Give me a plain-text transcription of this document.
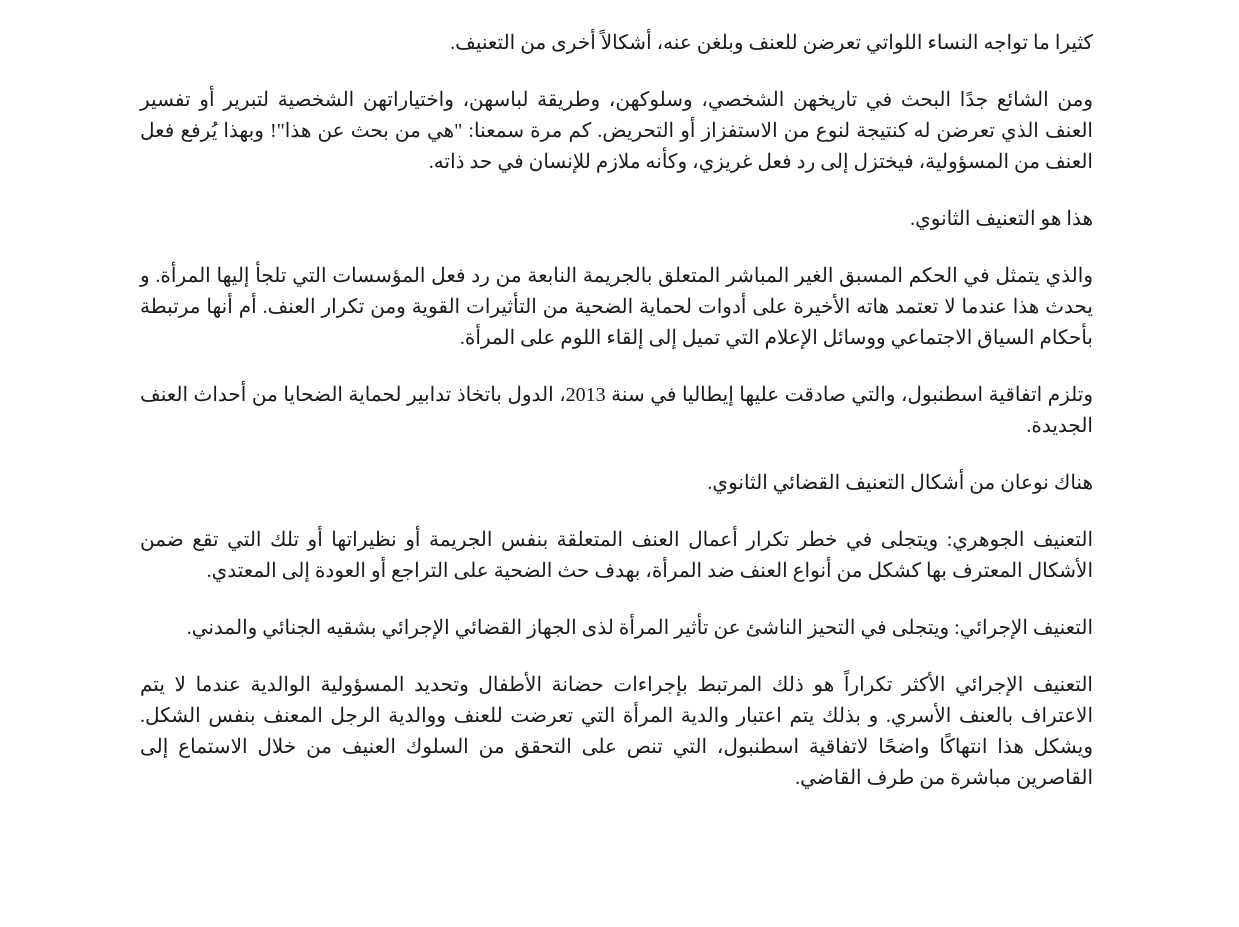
كثيرا ما تواجه النساء اللواتي تعرضن للعنف وبلغن عنه، أشكالاً أخرى من التعنيف.

ومن الشائع جدًا البحث في تاريخهن الشخصي، وسلوكهن، وطريقة لباسهن، واختياراتهن الشخصية لتبرير أو تفسير العنف الذي تعرضن له كنتيجة لنوع من الاستفزاز أو التحريض. كم مرة سمعنا: "هي من بحث عن هذا"! وبهذا يُرفع فعل العنف من المسؤولية، فيختزل إلى رد فعل غريزي، وكأنه ملازم للإنسان في حد ذاته.

هذا هو التعنيف الثانوي.

والذي يتمثل في الحكم المسبق الغير المباشر المتعلق بالجريمة النابعة من رد فعل المؤسسات التي تلجأ إليها المرأة. و يحدث هذا عندما لا تعتمد هاته الأخيرة على أدوات لحماية الضحية من التأثيرات القوية ومن تكرار العنف. أم أنها مرتبطة بأحكام السياق الاجتماعي ووسائل الإعلام التي تميل إلى إلقاء اللوم على المرأة.

وتلزم اتفاقية اسطنبول، والتي صادقت عليها إيطاليا في سنة 2013، الدول باتخاذ تدابير لحماية الضحايا من أحداث العنف الجديدة.

هناك نوعان من أشكال التعنيف القضائي الثانوي.

التعنيف الجوهري: ويتجلى في خطر تكرار أعمال العنف المتعلقة بنفس الجريمة أو نظيراتها أو تلك التي تقع ضمن الأشكال المعترف بها كشكل من أنواع العنف ضد المرأة، بهدف حث الضحية على التراجع أو العودة إلى المعتدي.

التعنيف الإجرائي: ويتجلى في التحيز الناشئ عن تأثير المرأة لذى الجهاز القضائي الإجرائي بشقيه الجنائي والمدني.

التعنيف الإجرائي الأكثر تكراراً هو ذلك المرتبط بإجراءات حضانة الأطفال وتحديد المسؤولية الوالدية عندما لا يتم الاعتراف بالعنف الأسري. و بذلك يتم اعتبار والدية المرأة التي تعرضت للعنف ووالدية الرجل المعنف بنفس الشكل. ويشكل هذا انتهاكًا واضحًا لاتفاقية اسطنبول، التي تنص على التحقق من السلوك العنيف من خلال الاستماع إلى القاصرين مباشرة من طرف القاضي.
